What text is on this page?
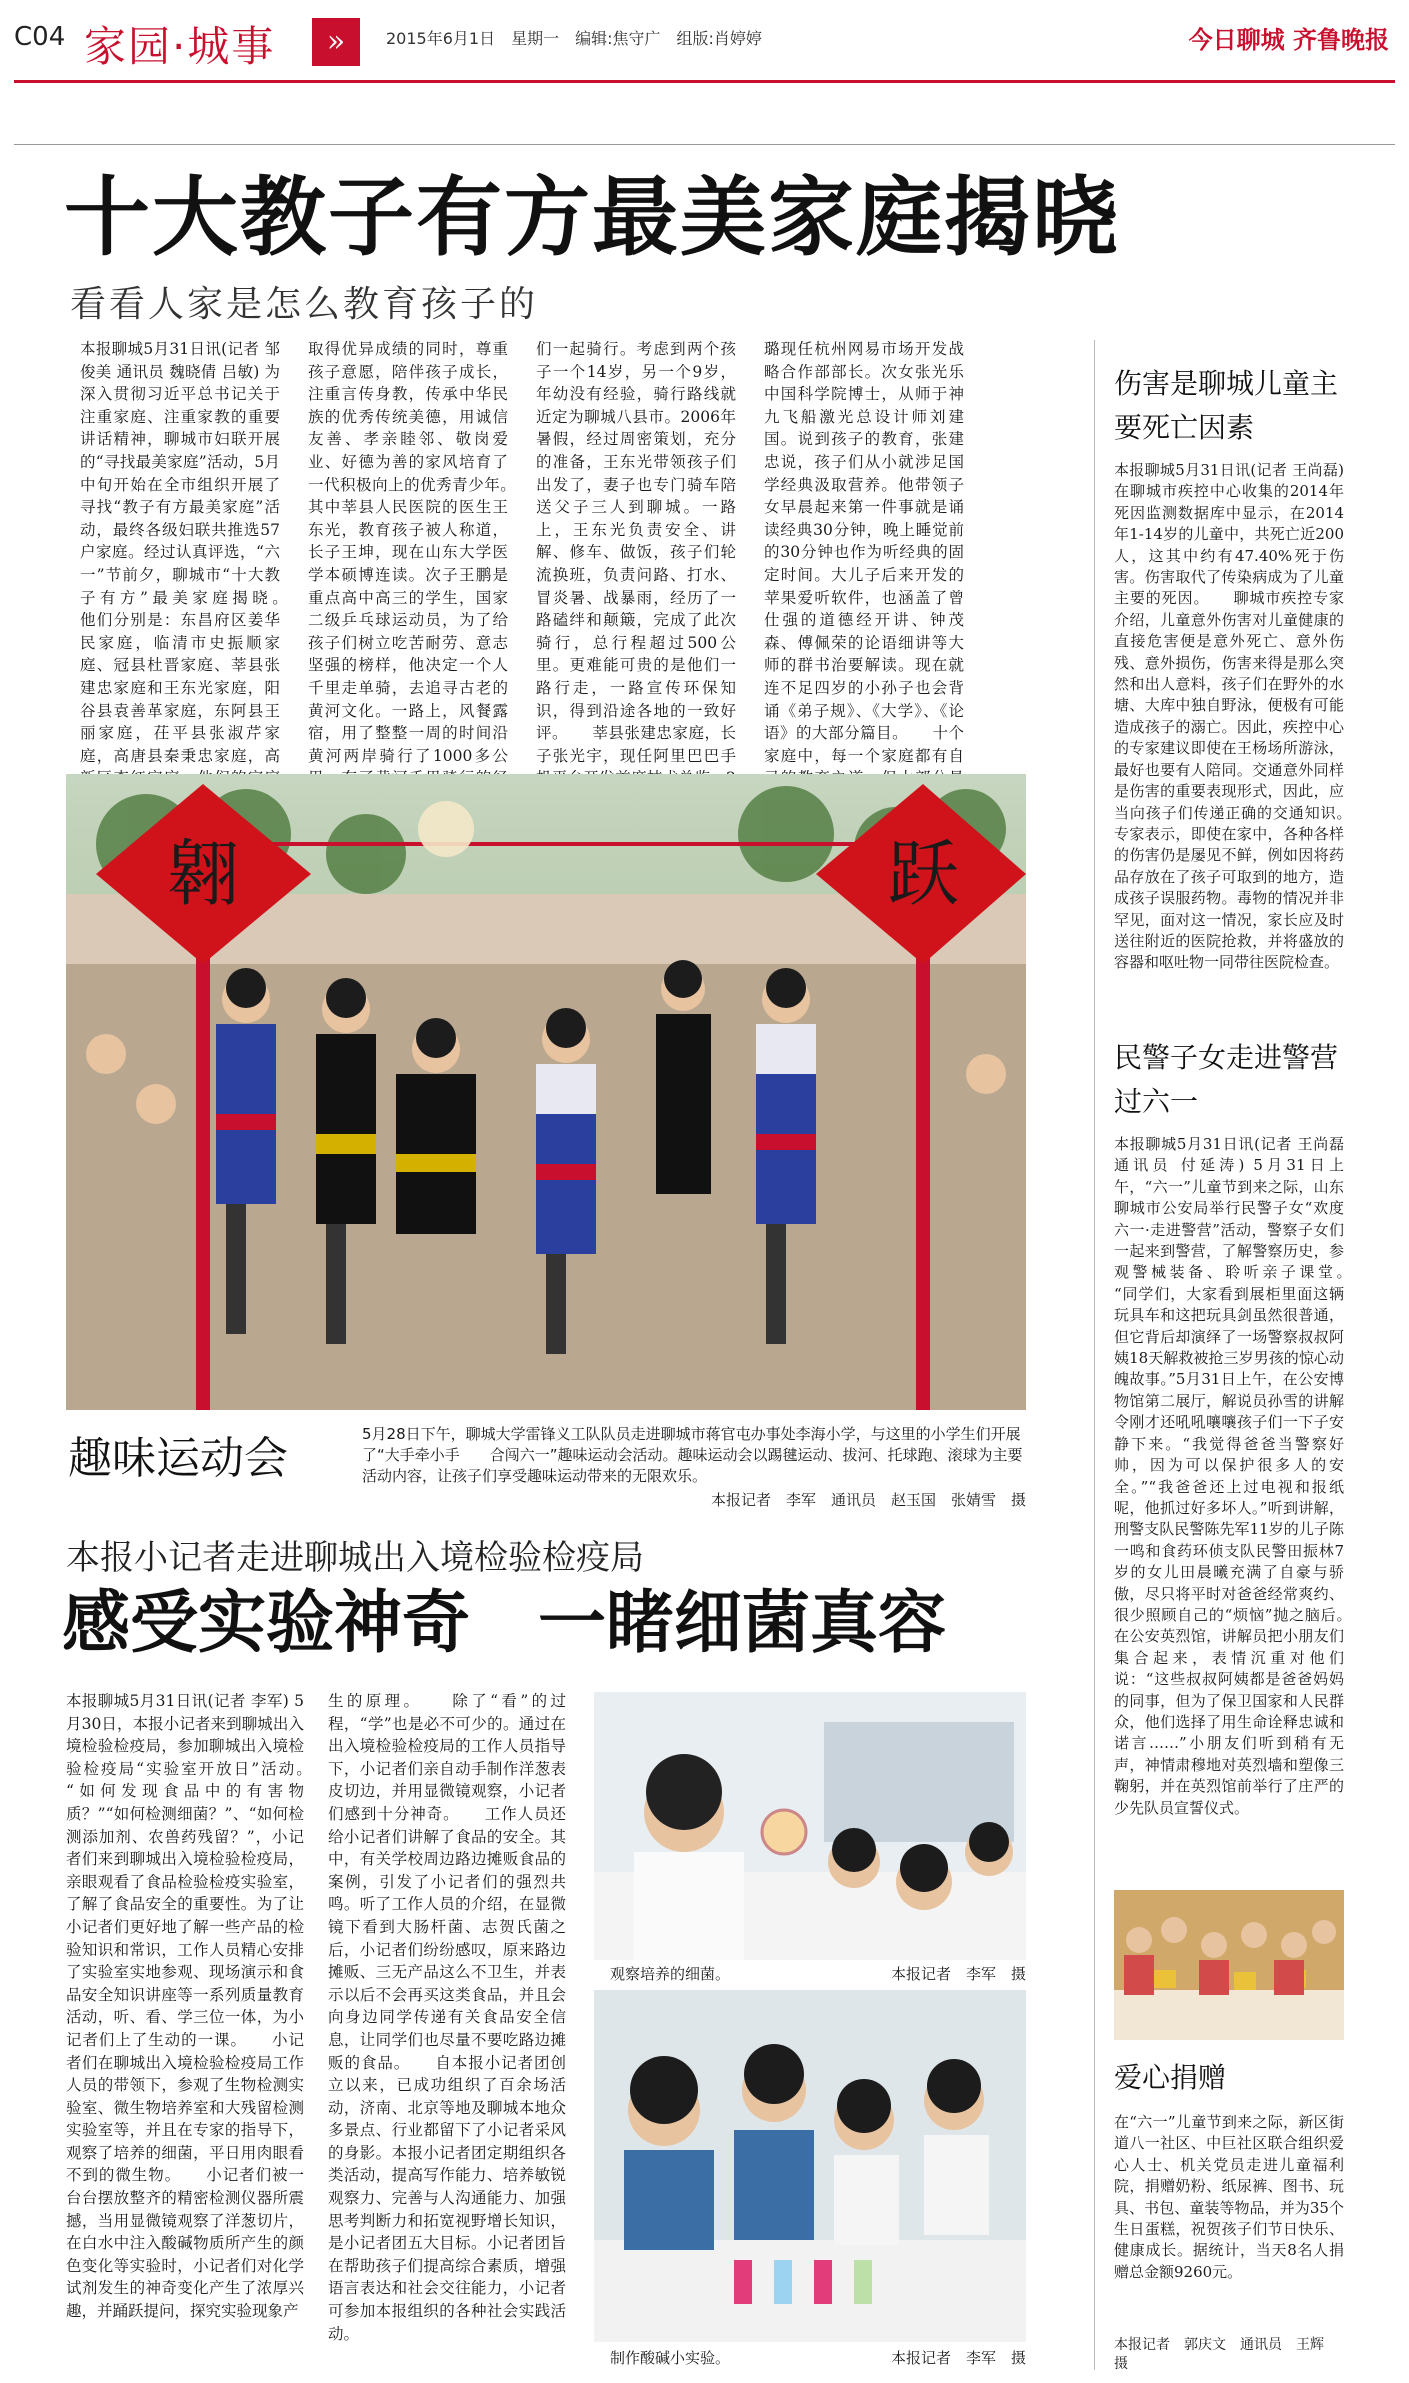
C04 家园·城事	»	2015年6月1日　星期一　编辑:焦守广　组版:肖婷婷	今日聊城 齐鲁晚报
十大教子有方最美家庭揭晓
看看人家是怎么教育孩子的
本报聊城5月31日讯(记者 邹俊美 通讯员 魏晓倩 吕敏) 为深入贯彻习近平总书记关于注重家庭、注重家教的重要讲话精神，聊城市妇联开展的“寻找最美家庭”活动，5月中旬开始在全市组织开展了寻找“教子有方最美家庭”活动，最终各级妇联共推选57户家庭。经过认真评选，“六一”节前夕，聊城市“十大教子有方”最美家庭揭晓。　　他们分别是：东昌府区姜华民家庭，临清市史振顺家庭、冠县杜晋家庭、莘县张建忠家庭和王东光家庭，阳谷县袁善革家庭，东阿县王丽家庭，茌平县张淑芹家庭，高唐县秦秉忠家庭，高
取得优异成绩的同时，尊重孩子意愿，陪伴孩子成长，注重言传身教，传承中华民族的优秀传统美德，用诚信友善、孝亲睦邻、敬岗爱业、好德为善的家风培育了一代积极向上的优秀青少年。　　其中莘县人民医院的医生王东光，教育孩子被人称道，长子王坤，现在山东大学医学本硕博连读。次子王鹏是重点高中高三的学生，国家二级乒乓球运动员，为了给孩子们树立吃苦耐劳、意志坚强的榜样，他决定一个人千里走单骑，去追寻古老的黄河文化。一路上，风餐露宿，用了整整一周的时间沿黄河两岸骑行了1000多公
们一起骑行。考虑到两个孩子一个14岁，另一个9岁，年幼没有经验，骑行路线就近定为聊城八县市。2006年暑假，经过周密策划，充分的准备，王东光带领孩子们出发了，妻子也专门骑车陪送父子三人到聊城。一路上，王东光负责安全、讲解、修车、做饭，孩子们轮流换班，负责问路、打水、冒炎暑、战暴雨，经历了一路磕绊和颠簸，完成了此次骑行，总行程超过500公里。更难能可贵的是他们一路行走，一路宣传环保知识，得到沿途各地的一致好评。　　莘县张建忠家庭，长子张光宇，现任阿里巴巴手
璐现任杭州网易市场开发战略合作部部长。次女张光乐中国科学院博士，从师于神九飞船激光总设计师刘建国。说到孩子的教育，张建忠说，孩子们从小就涉足国学经典汲取营养。他带领子女早晨起来第一件事就是诵读经典30分钟，晚上睡觉前的30分钟也作为听经典的固定时间。大儿子后来开发的苹果爱听软件，也涵盖了曾仕强的道德经开讲、钟茂森、傅佩荣的论语细讲等大师的群书治要解读。现在就连不足四岁的小孙子也会背诵《弟子规》、《大学》、《论语》的大部分篇目。　　十个家庭中，每一个家庭都有自
翱	跃
趣味运动会	5月28日下午，聊城大学雷锋义工队队员走进聊城市蒋官屯办事处李海小学，与这里的小学生们开展了“大手牵小手　　合闯六一”趣味运动会活动。趣味运动会以踢毽运动、拔河、托球跑、滚球为主要活动内容，让孩子们享受趣味运动带来的无限欢乐。
本报记者　李军　通讯员　赵玉国　张婧雪　摄
本报小记者走进聊城出入境检验检疫局
感受实验神奇　一睹细菌真容
本报聊城5月31日讯(记者 李军) 5月30日，本报小记者来到聊城出入境检验检疫局，参加聊城出入境检验检疫局“实验室开放日”活动。　　“如何发现食品中的有害物质？”“如何检测细菌？”、“如何检测添加剂、农兽药残留？”，小记者们来到聊城出入境检验检疫局，亲眼观看了食品检验检疫实验室，了解了食品安全的重要性。为了让小记者们更好地了解一些产品的检验知识和常识，工作人员精心安排了实验室实地参观、现场演示和食品安全知识讲座等一系列质量教育活动，听、看、学三位一体，为小记者们上了生动的一课。　　小记者们在聊城出入境检验检疫局工作人员的带领下，参观了生物检测实验室、微生物培养室和大残留检测实验室等，并且在专家的指导下，观察了培养的细菌，平日用肉眼看不到的微生物。　　小记者们被一台台摆放整齐的精密检测仪器所震撼，当用显微镜观察了洋葱切片，在白水中注入酸碱物质所产生的颜色变化等实验时，小记者们对化学试剂发生的神奇变化产生了浓厚兴趣，并踊跃提问，探究实验现象产
生的原理。　　除了“看”的过程，“学”也是必不可少的。通过在出入境检验检疫局的工作人员指导下，小记者们亲自动手制作洋葱表皮切边，并用显微镜观察，小记者们感到十分神奇。　　工作人员还给小记者们讲解了食品的安全。其中，有关学校周边路边摊贩食品的案例，引发了小记者们的强烈共鸣。听了工作人员的介绍，在显微镜下看到大肠杆菌、志贺氏菌之后，小记者们纷纷感叹，原来路边摊贩、三无产品这么不卫生，并表示以后不会再买这类食品，并且会向身边同学传递有关食品安全信息，让同学们也尽量不要吃路边摊贩的食品。　　自本报小记者团创立以来，已成功组织了百余场活动，济南、北京等地及聊城本地众多景点、行业都留下了小记者采风的身影。本报小记者团定期组织各类活动，提高写作能力、培养敏锐观察力、完善与人沟通能力、加强思考判断力和拓宽视野增长知识，是小记者团五大目标。小记者团旨在帮助孩子们提高综合素质，增强语言表达和社会交往能力，小记者可参加本报组织的各种社会实践活动。
观察培养的细菌。	本报记者　李军　摄
制作酸碱小实验。	本报记者　李军　摄
伤害是聊城儿童主要死亡因素
本报聊城5月31日讯(记者 王尚磊) 在聊城市疾控中心收集的2014年死因监测数据库中显示，在2014年1-14岁的儿童中，共死亡近200人，这其中约有47.40%死于伤害。伤害取代了传染病成为了儿童主要的死因。　　聊城市疾控专家介绍，儿童意外伤害对儿童健康的直接危害便是意外死亡、意外伤残、意外损伤，伤害来得是那么突然和出人意料，孩子们在野外的水塘、大库中独自野泳，便极有可能造成孩子的溺亡。因此，疾控中心的专家建议即使在王杨场所游泳，最好也要有人陪同。交通意外同样是伤害的重要表现形式，因此，应当向孩子们传递正确的交通知识。　　专家表示，即使在家中，各种各样的伤害仍是屡见不鲜，例如因将药品存放在了孩子可取到的地方，造成孩子误服药物。毒物的情况并非罕见，面对这一情况，家长应及时送往附近的医院抢救，并将盛放的容器和呕吐物一同带往医院检查。
民警子女走进警营过六一
本报聊城5月31日讯(记者 王尚磊 通讯员 付延涛) 5月31日上午，“六一”儿童节到来之际，山东聊城市公安局举行民警子女“欢度六一·走进警营”活动，警察子女们一起来到警营，了解警察历史，参观警械装备、聆听亲子课堂。　　“同学们，大家看到展柜里面这辆玩具车和这把玩具剑虽然很普通，但它背后却演绎了一场警察叔叔阿姨18天解救被抢三岁男孩的惊心动魄故事。”5月31日上午，在公安博物馆第二展厅，解说员孙雪的讲解令刚才还吼吼嚷嚷孩子们一下子安静下来。“我觉得爸爸当警察好帅，因为可以保护很多人的安全。”“我爸爸还上过电视和报纸呢，他抓过好多坏人。”听到讲解，刑警支队民警陈先军11岁的儿子陈一鸣和食药环侦支队民警田振林7岁的女儿田晨曦充满了自豪与骄傲，尽只将平时对爸爸经常爽约、很少照顾自己的“烦恼”抛之脑后。　　在公安英烈馆，讲解员把小朋友们集合起来，表情沉重对他们说：“这些叔叔阿姨都是爸爸妈妈的同事，但为了保卫国家和人民群众，他们选择了用生命诠释忠诚和诺言……”小朋友们听到稍有无声，神情肃穆地对英烈墙和塑像三鞠躬，并在英烈馆前举行了庄严的少先队员宣誓仪式。
爱心捐赠
在“六一”儿童节到来之际，新区街道八一社区、中巨社区联合组织爱心人士、机关党员走进儿童福利院，捐赠奶粉、纸尿裤、图书、玩具、书包、童装等物品，并为35个生日蛋糕，祝贺孩子们节日快乐、健康成长。据统计，当天8名人捐赠总金额9260元。
本报记者　郭庆文　通讯员　王辉　摄
